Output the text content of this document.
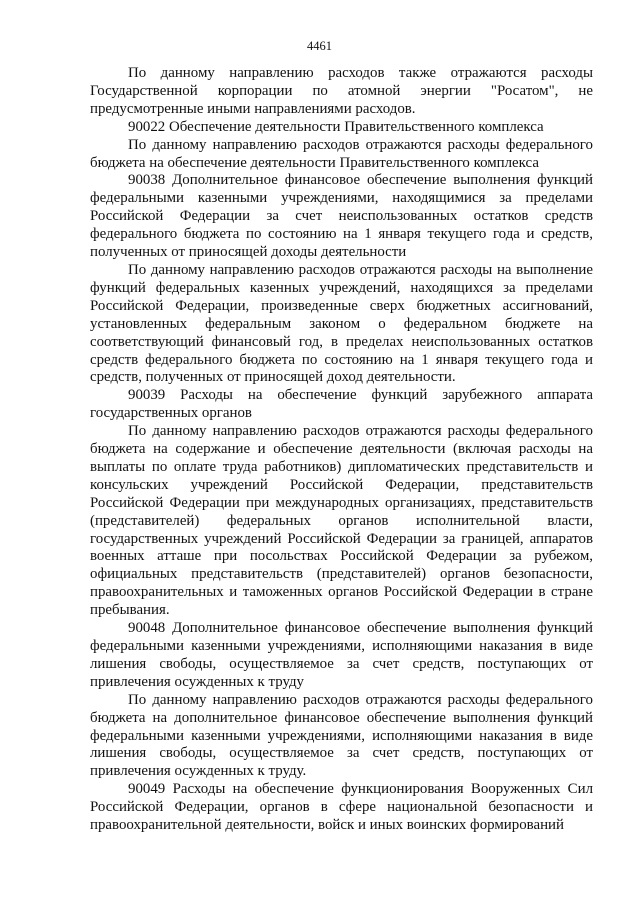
4461

По данному направлению расходов также отражаются расходы Государственной корпорации по атомной энергии "Росатом", не предусмотренные иными направлениями расходов.

90022 Обеспечение деятельности Правительственного комплекса

По данному направлению расходов отражаются расходы федерального бюджета на обеспечение деятельности Правительственного комплекса

90038 Дополнительное финансовое обеспечение выполнения функций федеральными казенными учреждениями, находящимися за пределами Российской Федерации за счет неиспользованных остатков средств федерального бюджета по состоянию на 1 января текущего года и средств, полученных от приносящей доходы деятельности

По данному направлению расходов отражаются расходы на выполнение функций федеральных казенных учреждений, находящихся за пределами Российской Федерации, произведенные сверх бюджетных ассигнований, установленных федеральным законом о федеральном бюджете на соответствующий финансовый год, в пределах неиспользованных остатков средств федерального бюджета по состоянию на 1 января текущего года и средств, полученных от приносящей доход деятельности.

90039 Расходы на обеспечение функций зарубежного аппарата государственных органов

По данному направлению расходов отражаются расходы федерального бюджета на содержание и обеспечение деятельности (включая расходы на выплаты по оплате труда работников) дипломатических представительств и консульских учреждений Российской Федерации, представительств Российской Федерации при международных организациях, представительств (представителей) федеральных органов исполнительной власти, государственных учреждений Российской Федерации за границей, аппаратов военных атташе при посольствах Российской Федерации за рубежом, официальных представительств (представителей) органов безопасности, правоохранительных и таможенных органов Российской Федерации в стране пребывания.

90048 Дополнительное финансовое обеспечение выполнения функций федеральными казенными учреждениями, исполняющими наказания в виде лишения свободы, осуществляемое за счет средств, поступающих от привлечения осужденных к труду

По данному направлению расходов отражаются расходы федерального бюджета на дополнительное финансовое обеспечение выполнения функций федеральными казенными учреждениями, исполняющими наказания в виде лишения свободы, осуществляемое за счет средств, поступающих от привлечения осужденных к труду.

90049 Расходы на обеспечение функционирования Вооруженных Сил Российской Федерации, органов в сфере национальной безопасности и правоохранительной деятельности, войск и иных воинских формирований
